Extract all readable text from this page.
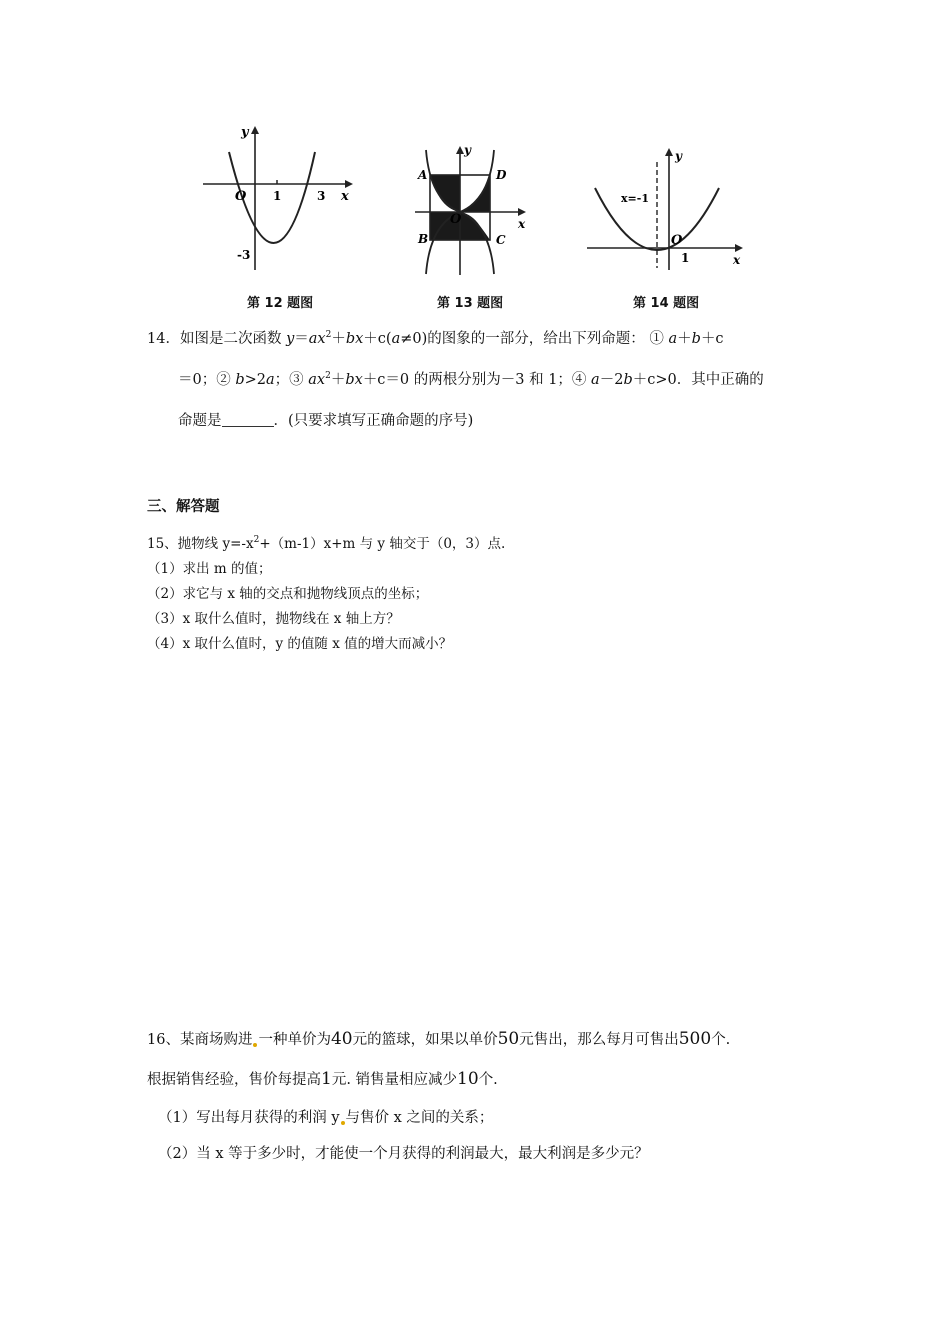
y
x
O 1	3
-3
第 12 题图
y
x
O
A
B	C
D
第 13 题图
y
x
O
1
x=-1
第 14 题图
14．如图是二次函数 $y=ax^2+bx+c(a\ne 0)$的图象的一部分，给出下列命题： ① a＋b＋c
＝0；② b>2a；③ $ax^2+bx+c=0$ 的两根分别为－3 和 1；④ a－2b＋c>0．其中正确的
命题是	．(只要求填写正确命题的序号)
三、解答题
15、抛物线 $y=-x^2+(m-1)x+m$ 与 y 轴交于（0，3）点.
（1）求出 m 的值；
（2）求它与 x 轴的交点和抛物线顶点的坐标；
（3）x 取什么值时，抛物线在 x 轴上方？
（4）x 取什么值时，y 的值随 x 值的增大而减小？
16、某商场购进 一种单价为40元的篮球，如果以单价50元售出，那么每月可售出500个.
根据销售经验，售价每提高1元. 销售量相应减少10个.
（1）写出每月获得的利润 y 与售价 x 之间的关系；
（2）当 x 等于多少时，才能使一个月获得的利润最大，最大利润是多少元？
